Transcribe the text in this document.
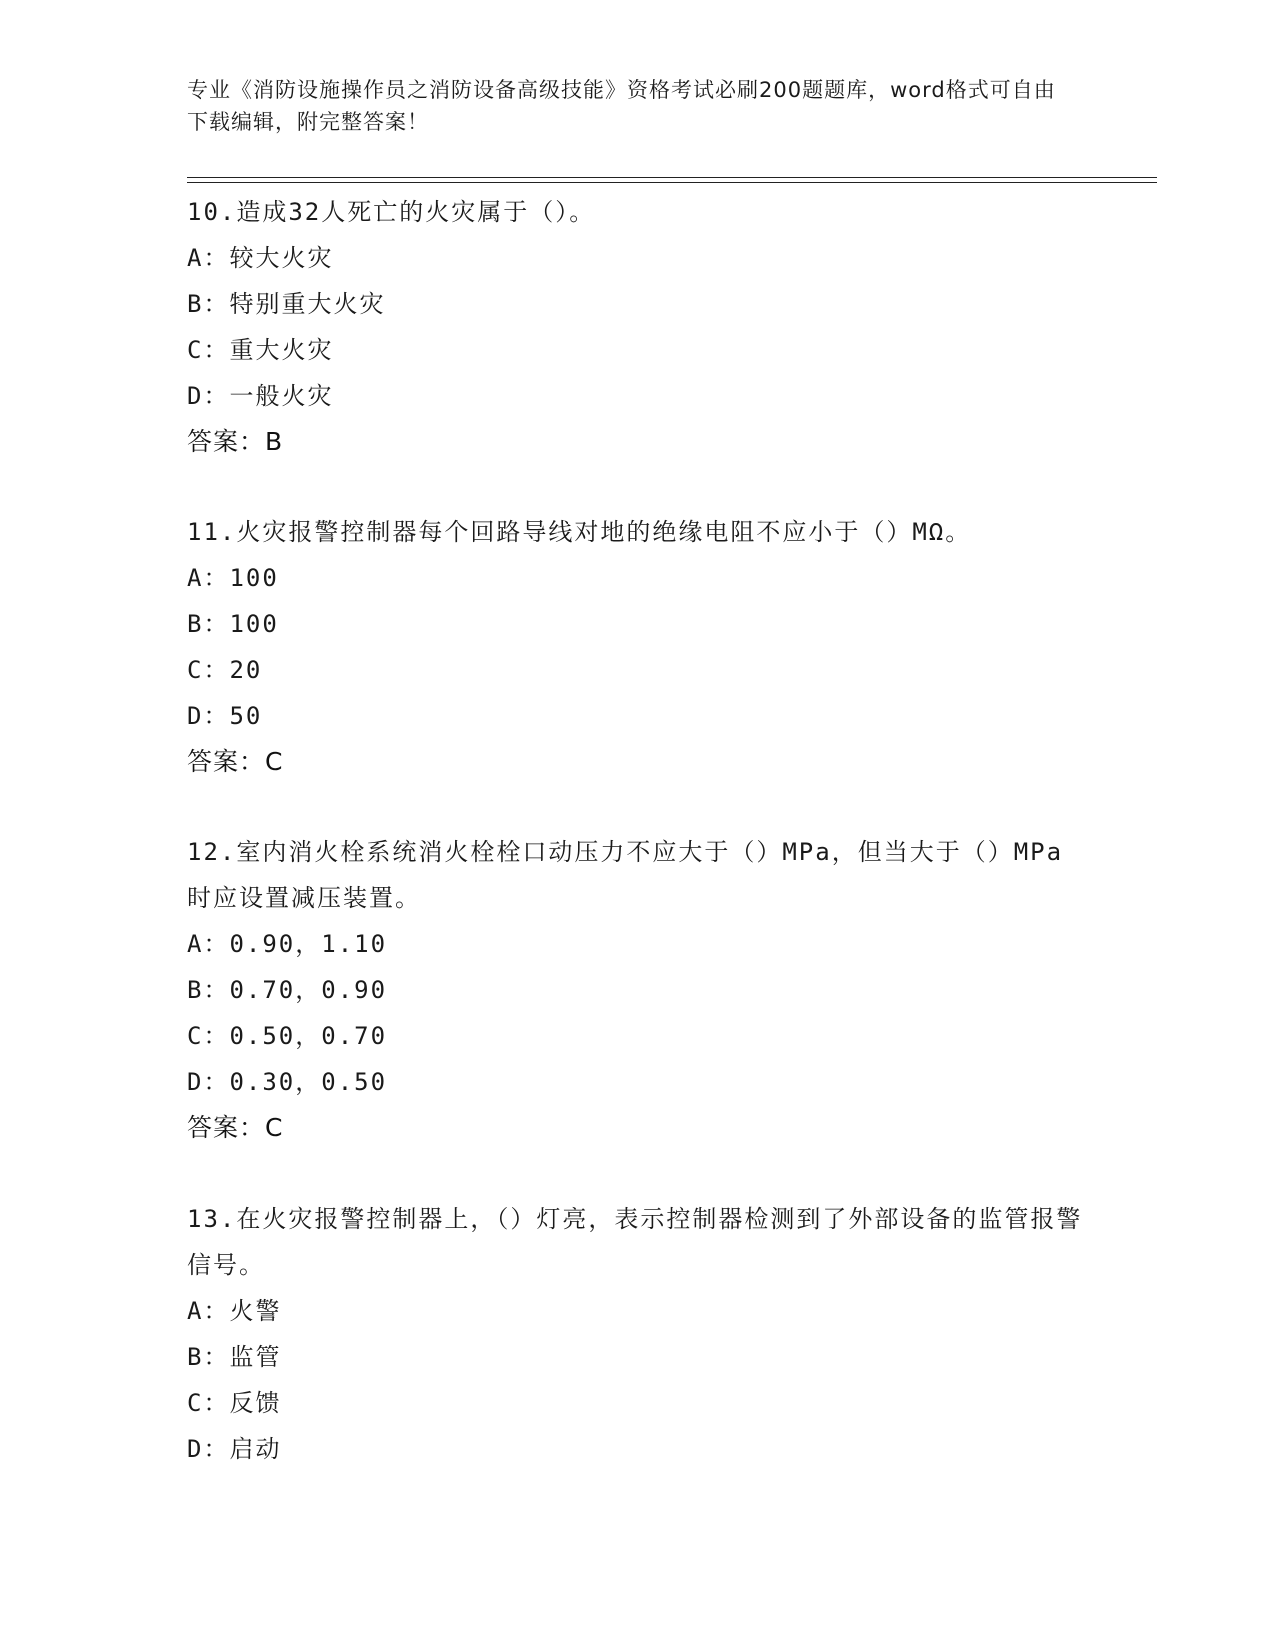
专业《消防设施操作员之消防设备高级技能》资格考试必刷200题题库，word格式可自由下载编辑，附完整答案！

10.造成32人死亡的火灾属于（）。

A：较大火灾

B：特别重大火灾

C：重大火灾

D：一般火灾

答案：B

11.火灾报警控制器每个回路导线对地的绝缘电阻不应小于（）MΩ。

A：100

B：100

C：20

D：50

答案：C

12.室内消火栓系统消火栓栓口动压力不应大于（）MPa，但当大于（）MPa时应设置减压装置。

A：0.90，1.10

B：0.70，0.90

C：0.50，0.70

D：0.30，0.50

答案：C

13.在火灾报警控制器上，（）灯亮，表示控制器检测到了外部设备的监管报警信号。

A：火警

B：监管

C：反馈

D：启动
